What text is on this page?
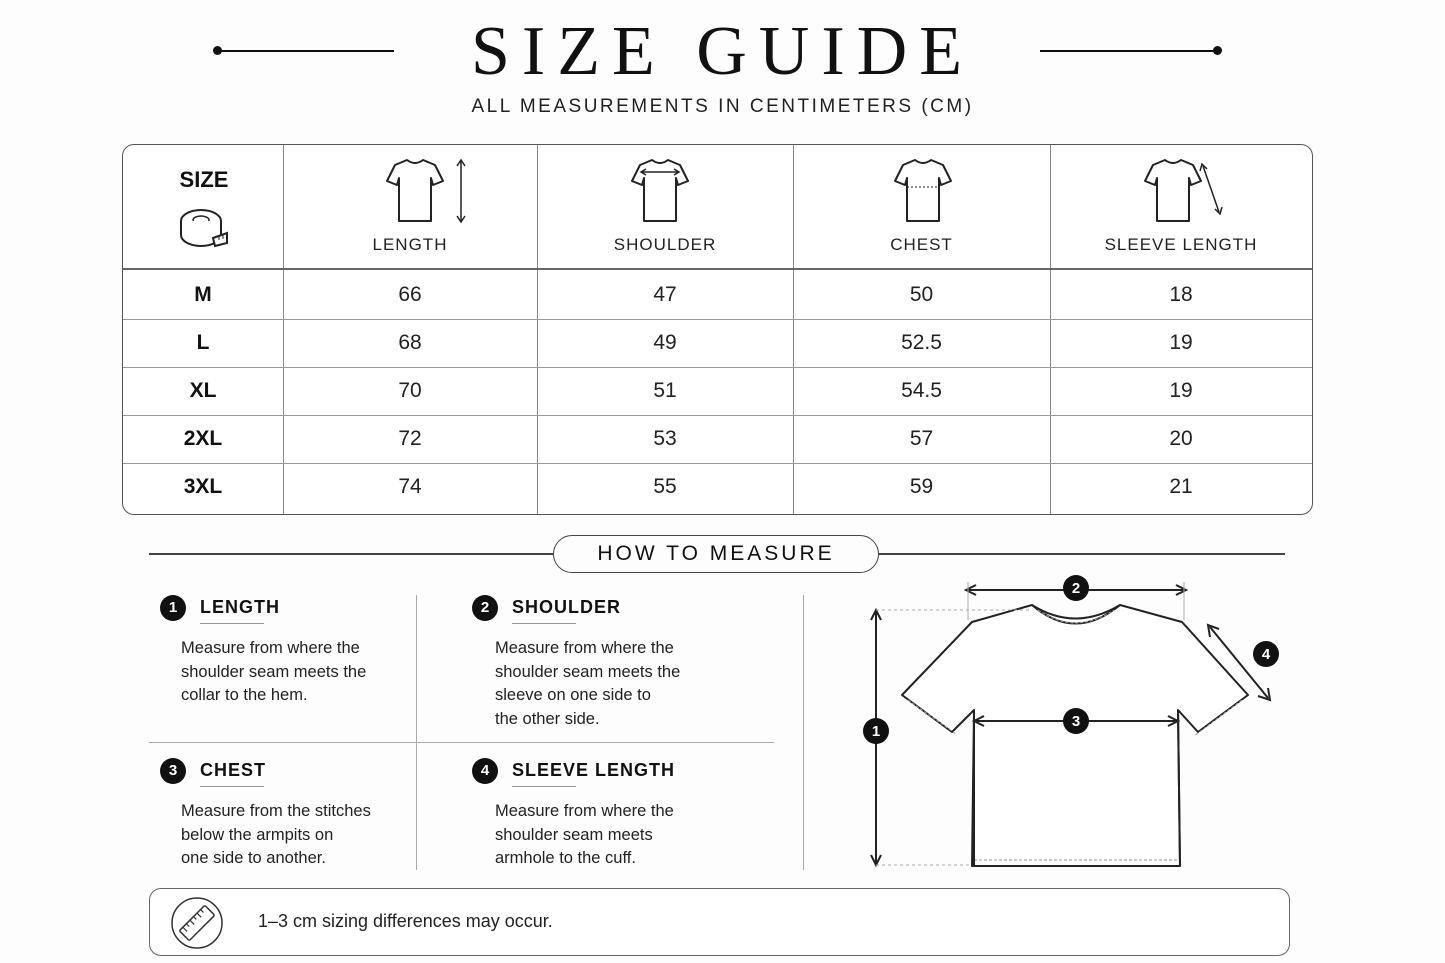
SIZE GUIDE
ALL MEASUREMENTS IN CENTIMETERS (CM)
SIZE
LENGTH	SHOULDER	CHEST	SLEEVE LENGTH
M	66	47	50	18
L	68	49	52.5	19
XL	70	51	54.5	19
2XL	72	53	57	20
3XL	74	55	59	21
HOW TO MEASURE
1	LENGTH
Measure from where the
shoulder seam meets the
collar to the hem.
2	SHOULDER
Measure from where the
shoulder seam meets the
sleeve on one side to
the other side.
3	CHEST
Measure from the stitches
below the armpits on
one side to another.
4	SLEEVE LENGTH
Measure from where the
shoulder seam meets
armhole to the cuff.
1
2
3
4
1–3 cm sizing differences may occur.
